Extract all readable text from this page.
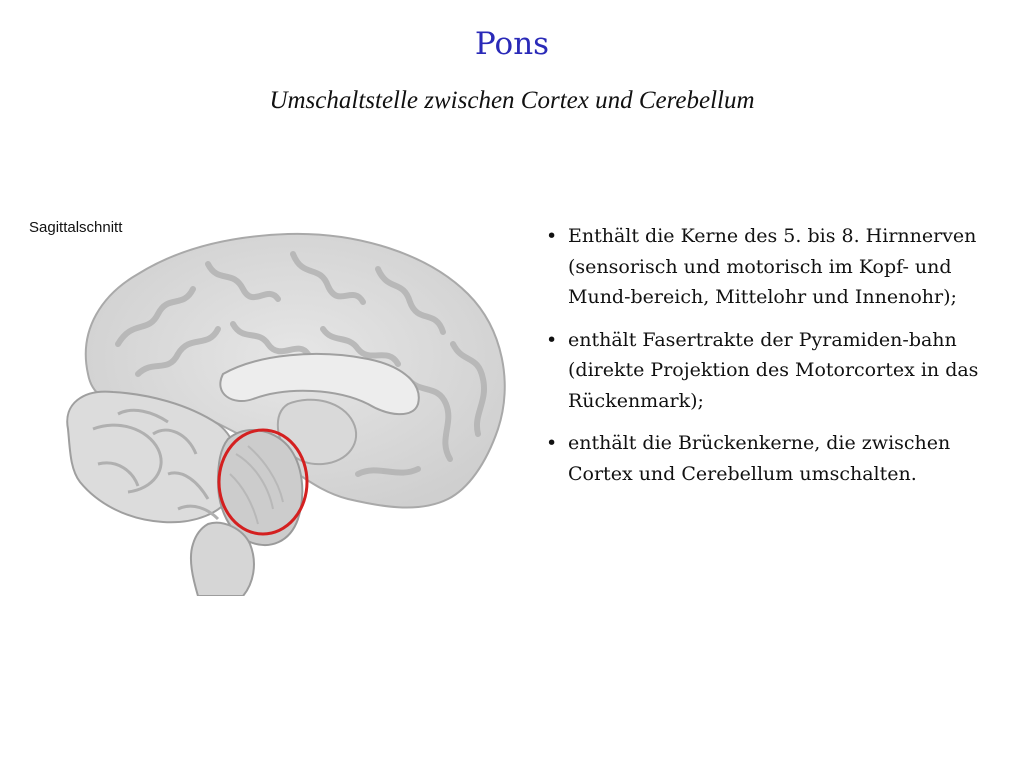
Pons
Umschaltstelle zwischen Cortex und Cerebellum
Sagittalschnitt	• Enthält die Kerne des 5. bis 8. Hirnnerven (sensorisch und motorisch im Kopf- und Mund-bereich, Mittelohr und Innenohr);
• enthält Fasertrakte der Pyramiden-bahn (direkte Projektion des Motorcortex in das Rückenmark);
• enthält die Brückenkerne, die zwischen Cortex und Cerebellum umschalten.
